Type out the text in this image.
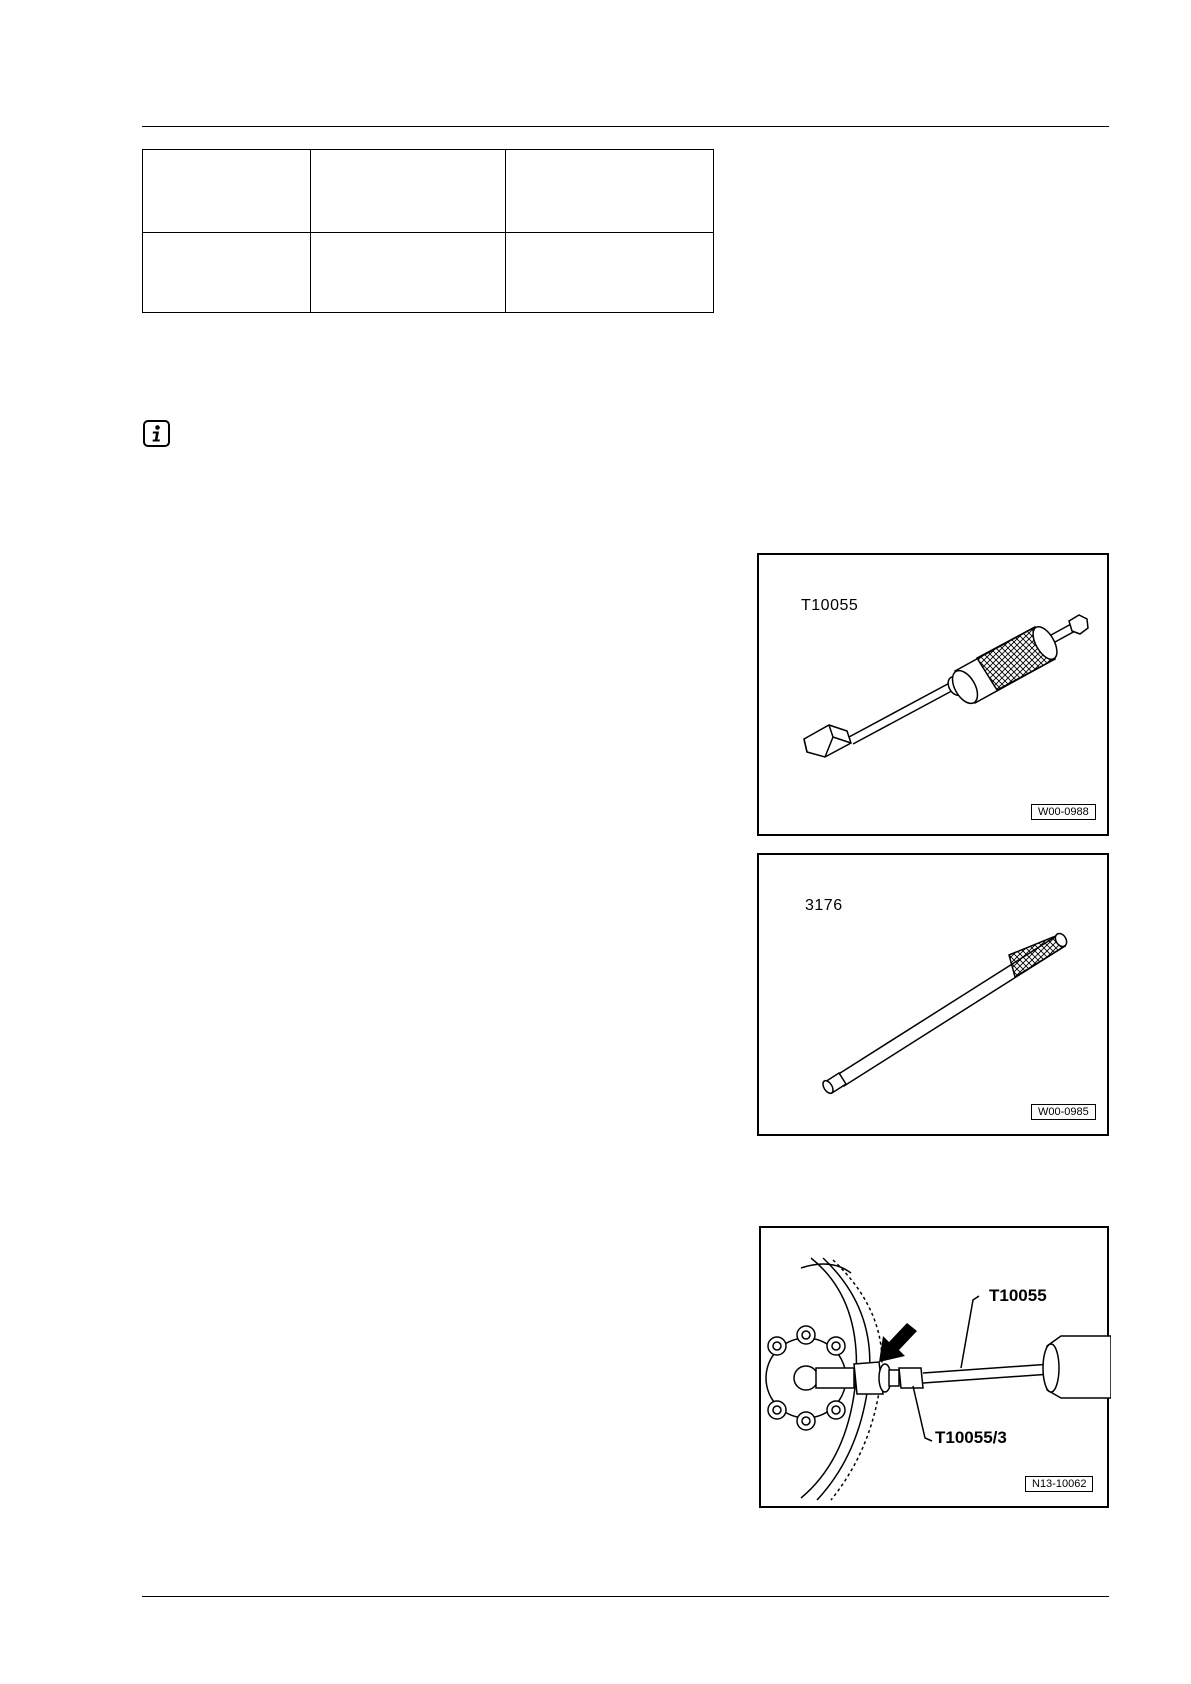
T10055
W00-0988
3176
W00-0985
T10055
T10055/3
N13-10062
